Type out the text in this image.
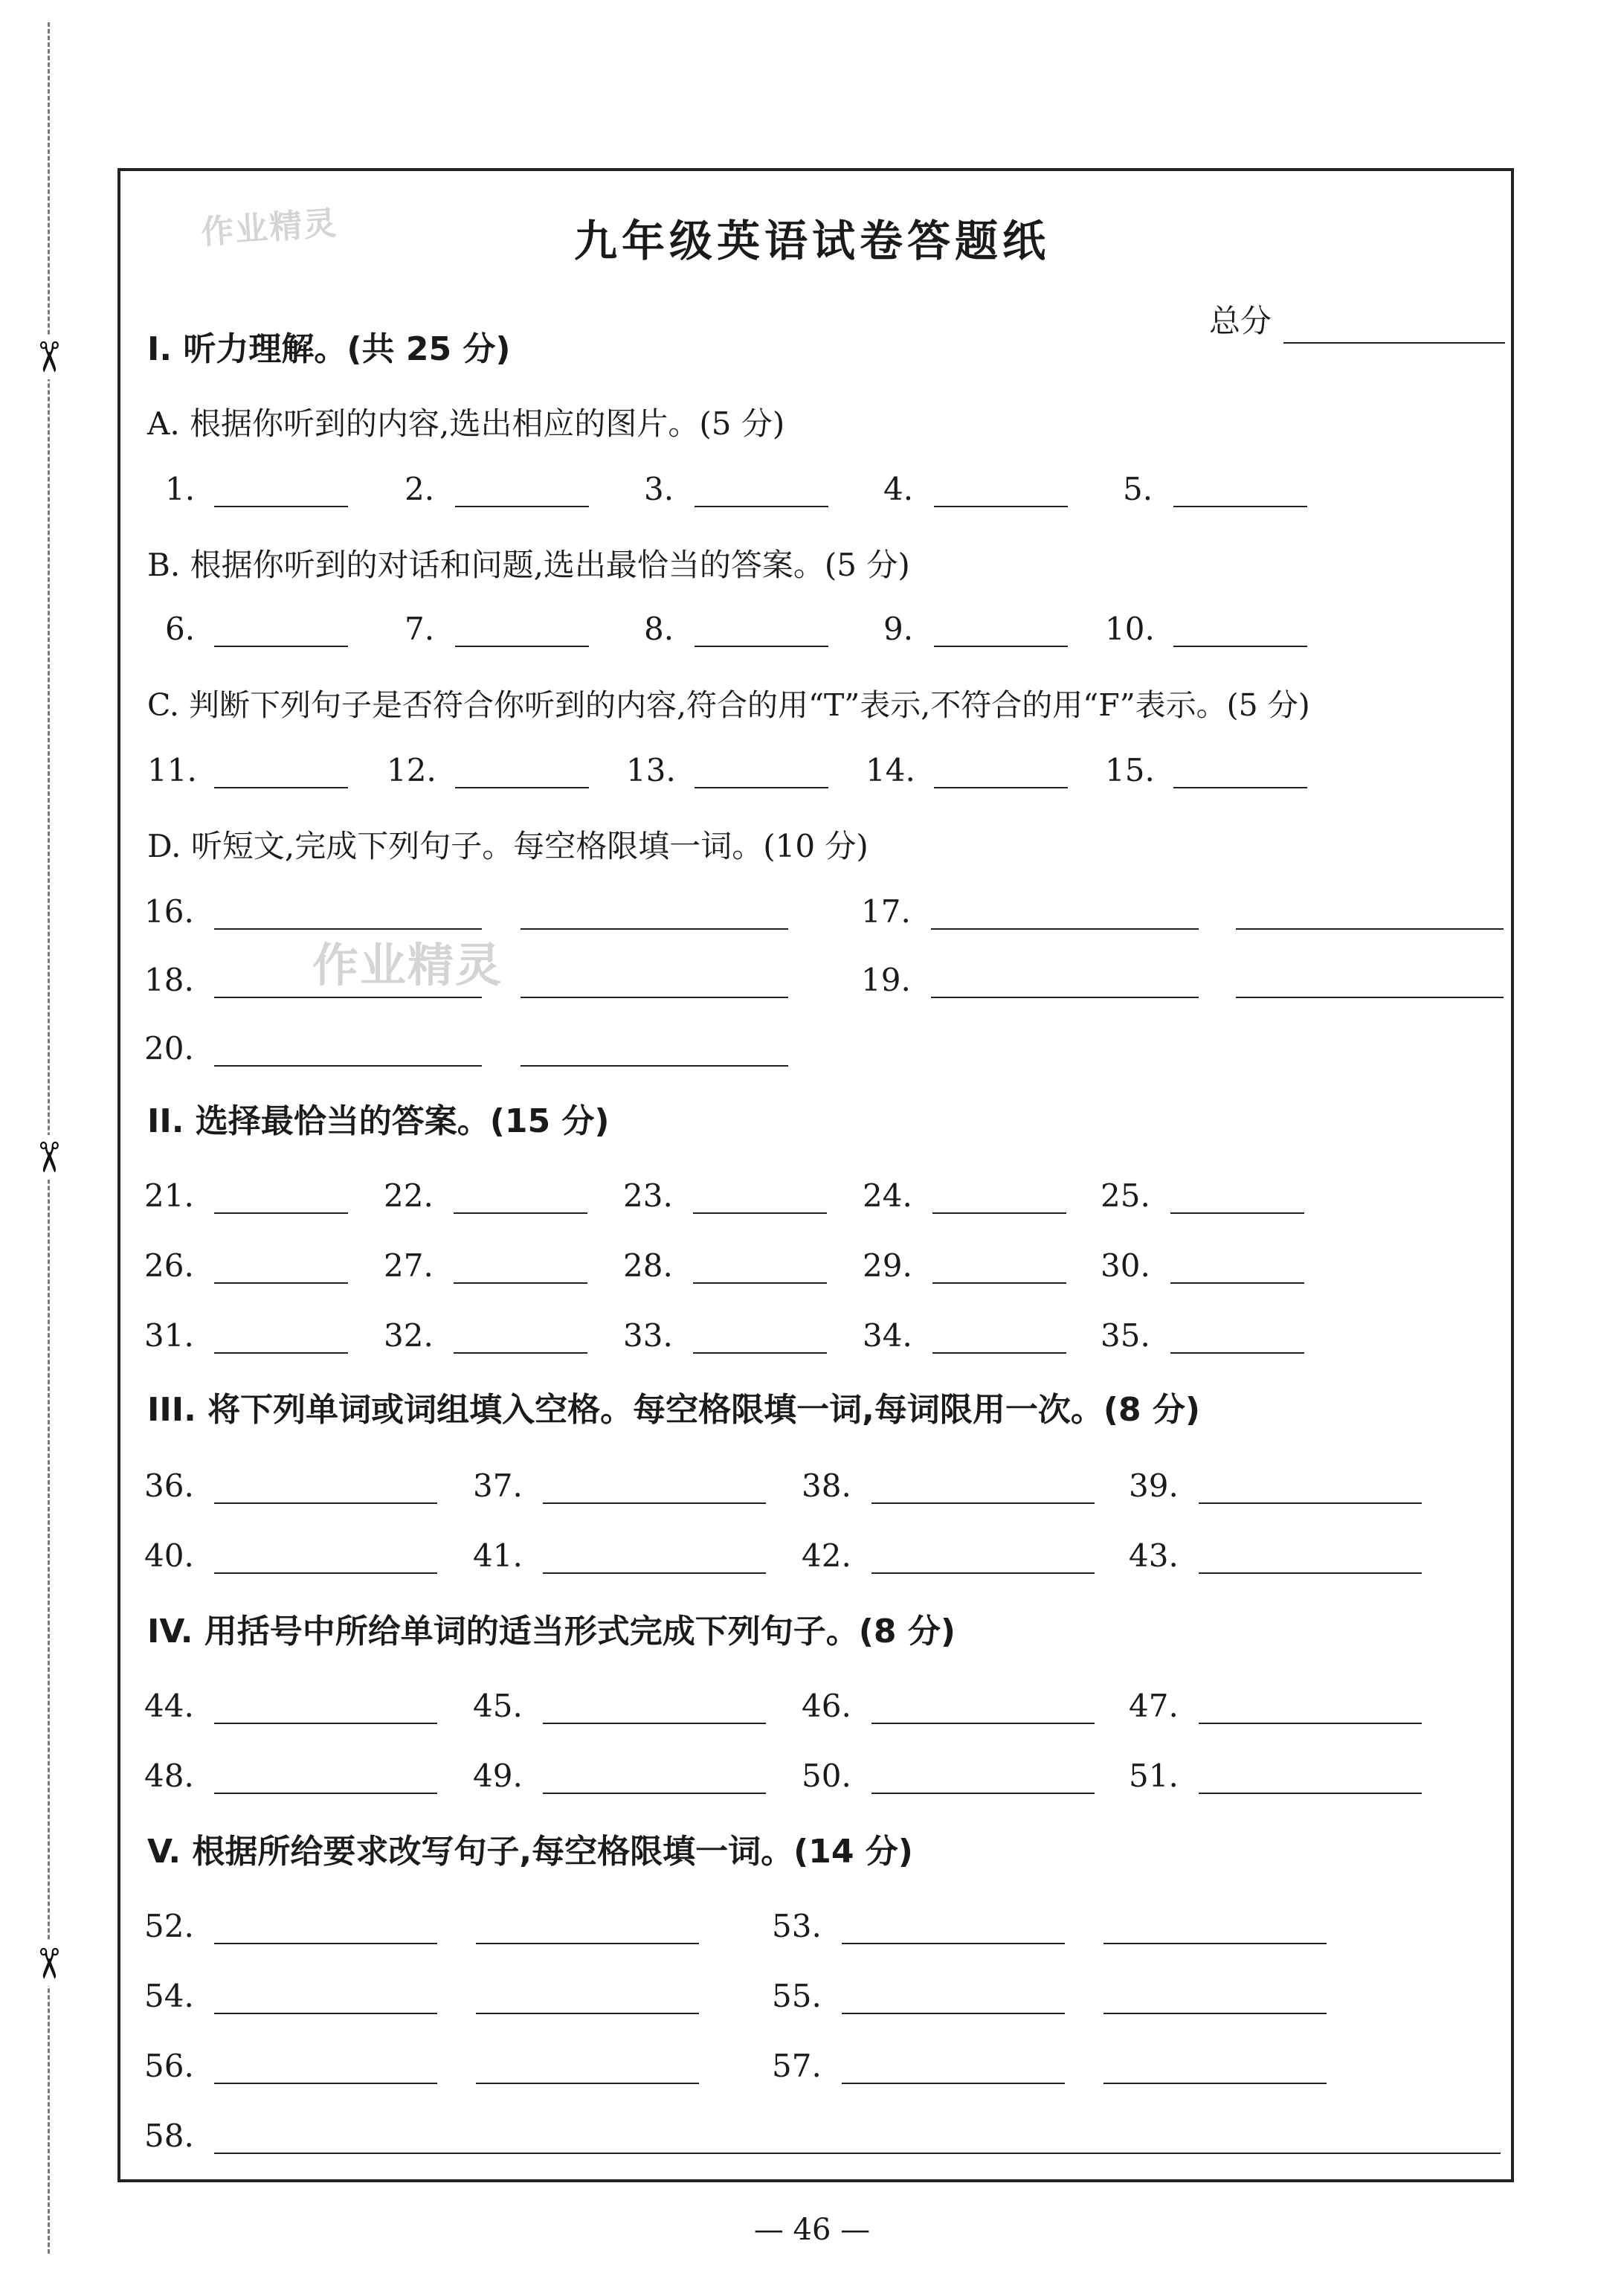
✂
✂
✂
作业精灵
作业精灵
九年级英语试卷答题纸
总分
I. 听力理解。(共 25 分)
A. 根据你听到的内容,选出相应的图片。(5 分)
1.	2.	3.	4.	5.
B. 根据你听到的对话和问题,选出最恰当的答案。(5 分)
6.	7.	8.	9.	10.
C. 判断下列句子是否符合你听到的内容,符合的用“T”表示,不符合的用“F”表示。(5 分)
11.	12.	13.	14.	15.
D. 听短文,完成下列句子。每空格限填一词。(10 分)
16.	17.
18.	19.
20.
II. 选择最恰当的答案。(15 分)
21.	22.	23.	24.	25.
26.	27.	28.	29.	30.
31.	32.	33.	34.	35.
III. 将下列单词或词组填入空格。每空格限填一词,每词限用一次。(8 分)
36.	37.	38.	39.
40.	41.	42.	43.
IV. 用括号中所给单词的适当形式完成下列句子。(8 分)
44.	45.	46.	47.
48.	49.	50.	51.
V. 根据所给要求改写句子,每空格限填一词。(14 分)
52.	53.
54.	55.
56.	57.
58.
— 46 —
